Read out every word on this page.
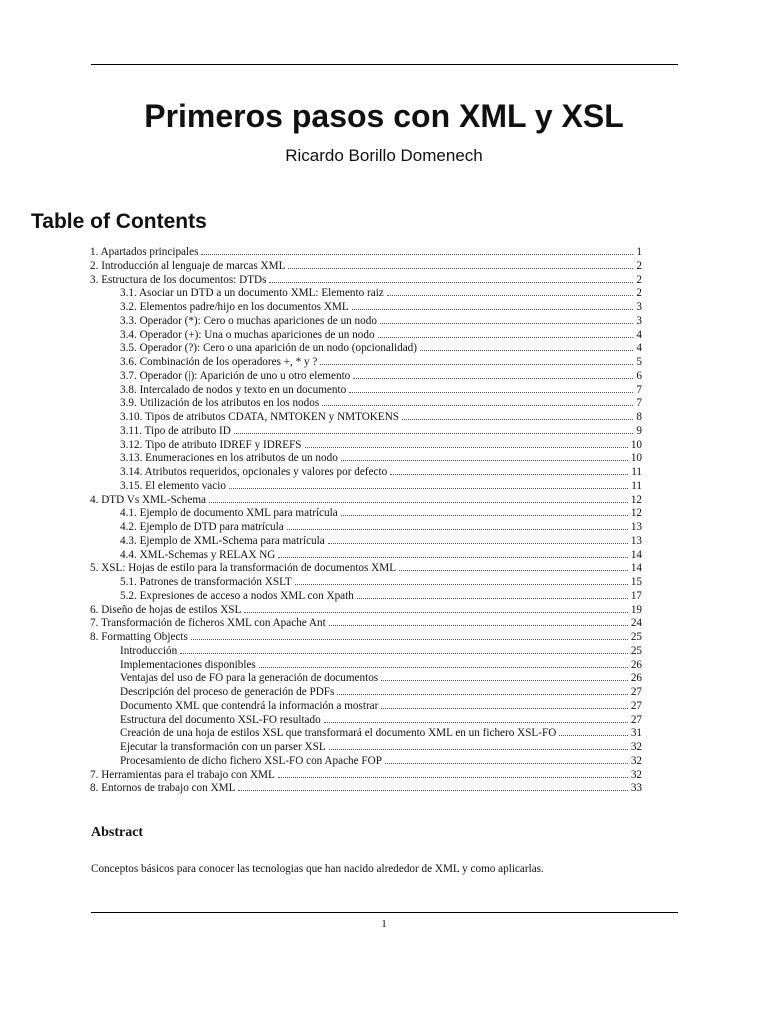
Primeros pasos con XML y XSL
Ricardo Borillo Domenech
Table of Contents
1. Apartados principales	1
2. Introducción al lenguaje de marcas XML	2
3. Estructura de los documentos: DTDs	2
3.1. Asociar un DTD a un documento XML: Elemento raiz	2
3.2. Elementos padre/hijo en los documentos XML	3
3.3. Operador (*): Cero o muchas apariciones de un nodo	3
3.4. Operador (+): Una o muchas apariciones de un nodo	4
3.5. Operador (?): Cero o una aparición de un nodo (opcionalidad)	4
3.6. Combinación de los operadores +, * y ?	5
3.7. Operador (|): Aparición de uno u otro elemento	6
3.8. Intercalado de nodos y texto en un documento	7
3.9. Utilización de los atributos en los nodos	7
3.10. Tipos de atributos CDATA, NMTOKEN y NMTOKENS	8
3.11. Tipo de atributo ID	9
3.12. Tipo de atributo IDREF y IDREFS	10
3.13. Enumeraciones en los atributos de un nodo	10
3.14. Atributos requeridos, opcionales y valores por defecto	11
3.15. El elemento vacio	11
4. DTD Vs XML-Schema	12
4.1. Ejemplo de documento XML para matrícula	12
4.2. Ejemplo de DTD para matrícula	13
4.3. Ejemplo de XML-Schema para matrícula	13
4.4. XML-Schemas y RELAX NG	14
5. XSL: Hojas de estilo para la transformación de documentos XML	14
5.1. Patrones de transformación XSLT	15
5.2. Expresiones de acceso a nodos XML con Xpath	17
6. Diseño de hojas de estilos XSL	19
7. Transformación de ficheros XML con Apache Ant	24
8. Formatting Objects	25
Introducción	25
Implementaciones disponibles	26
Ventajas del uso de FO para la generación de documentos	26
Descripción del proceso de generación de PDFs	27
Documento XML que contendrá la información a mostrar	27
Estructura del documento XSL-FO resultado	27
Creación de una hoja de estilos XSL que transformará el documento XML en un fichero XSL-FO	31
Ejecutar la transformación con un parser XSL	32
Procesamiento de dicho fichero XSL-FO con Apache FOP	32
7. Herramientas para el trabajo con XML	32
8. Entornos de trabajo con XML	33
Abstract

Conceptos básicos para conocer las tecnologias que han nacido alrededor de XML y como aplicarlas.

1
